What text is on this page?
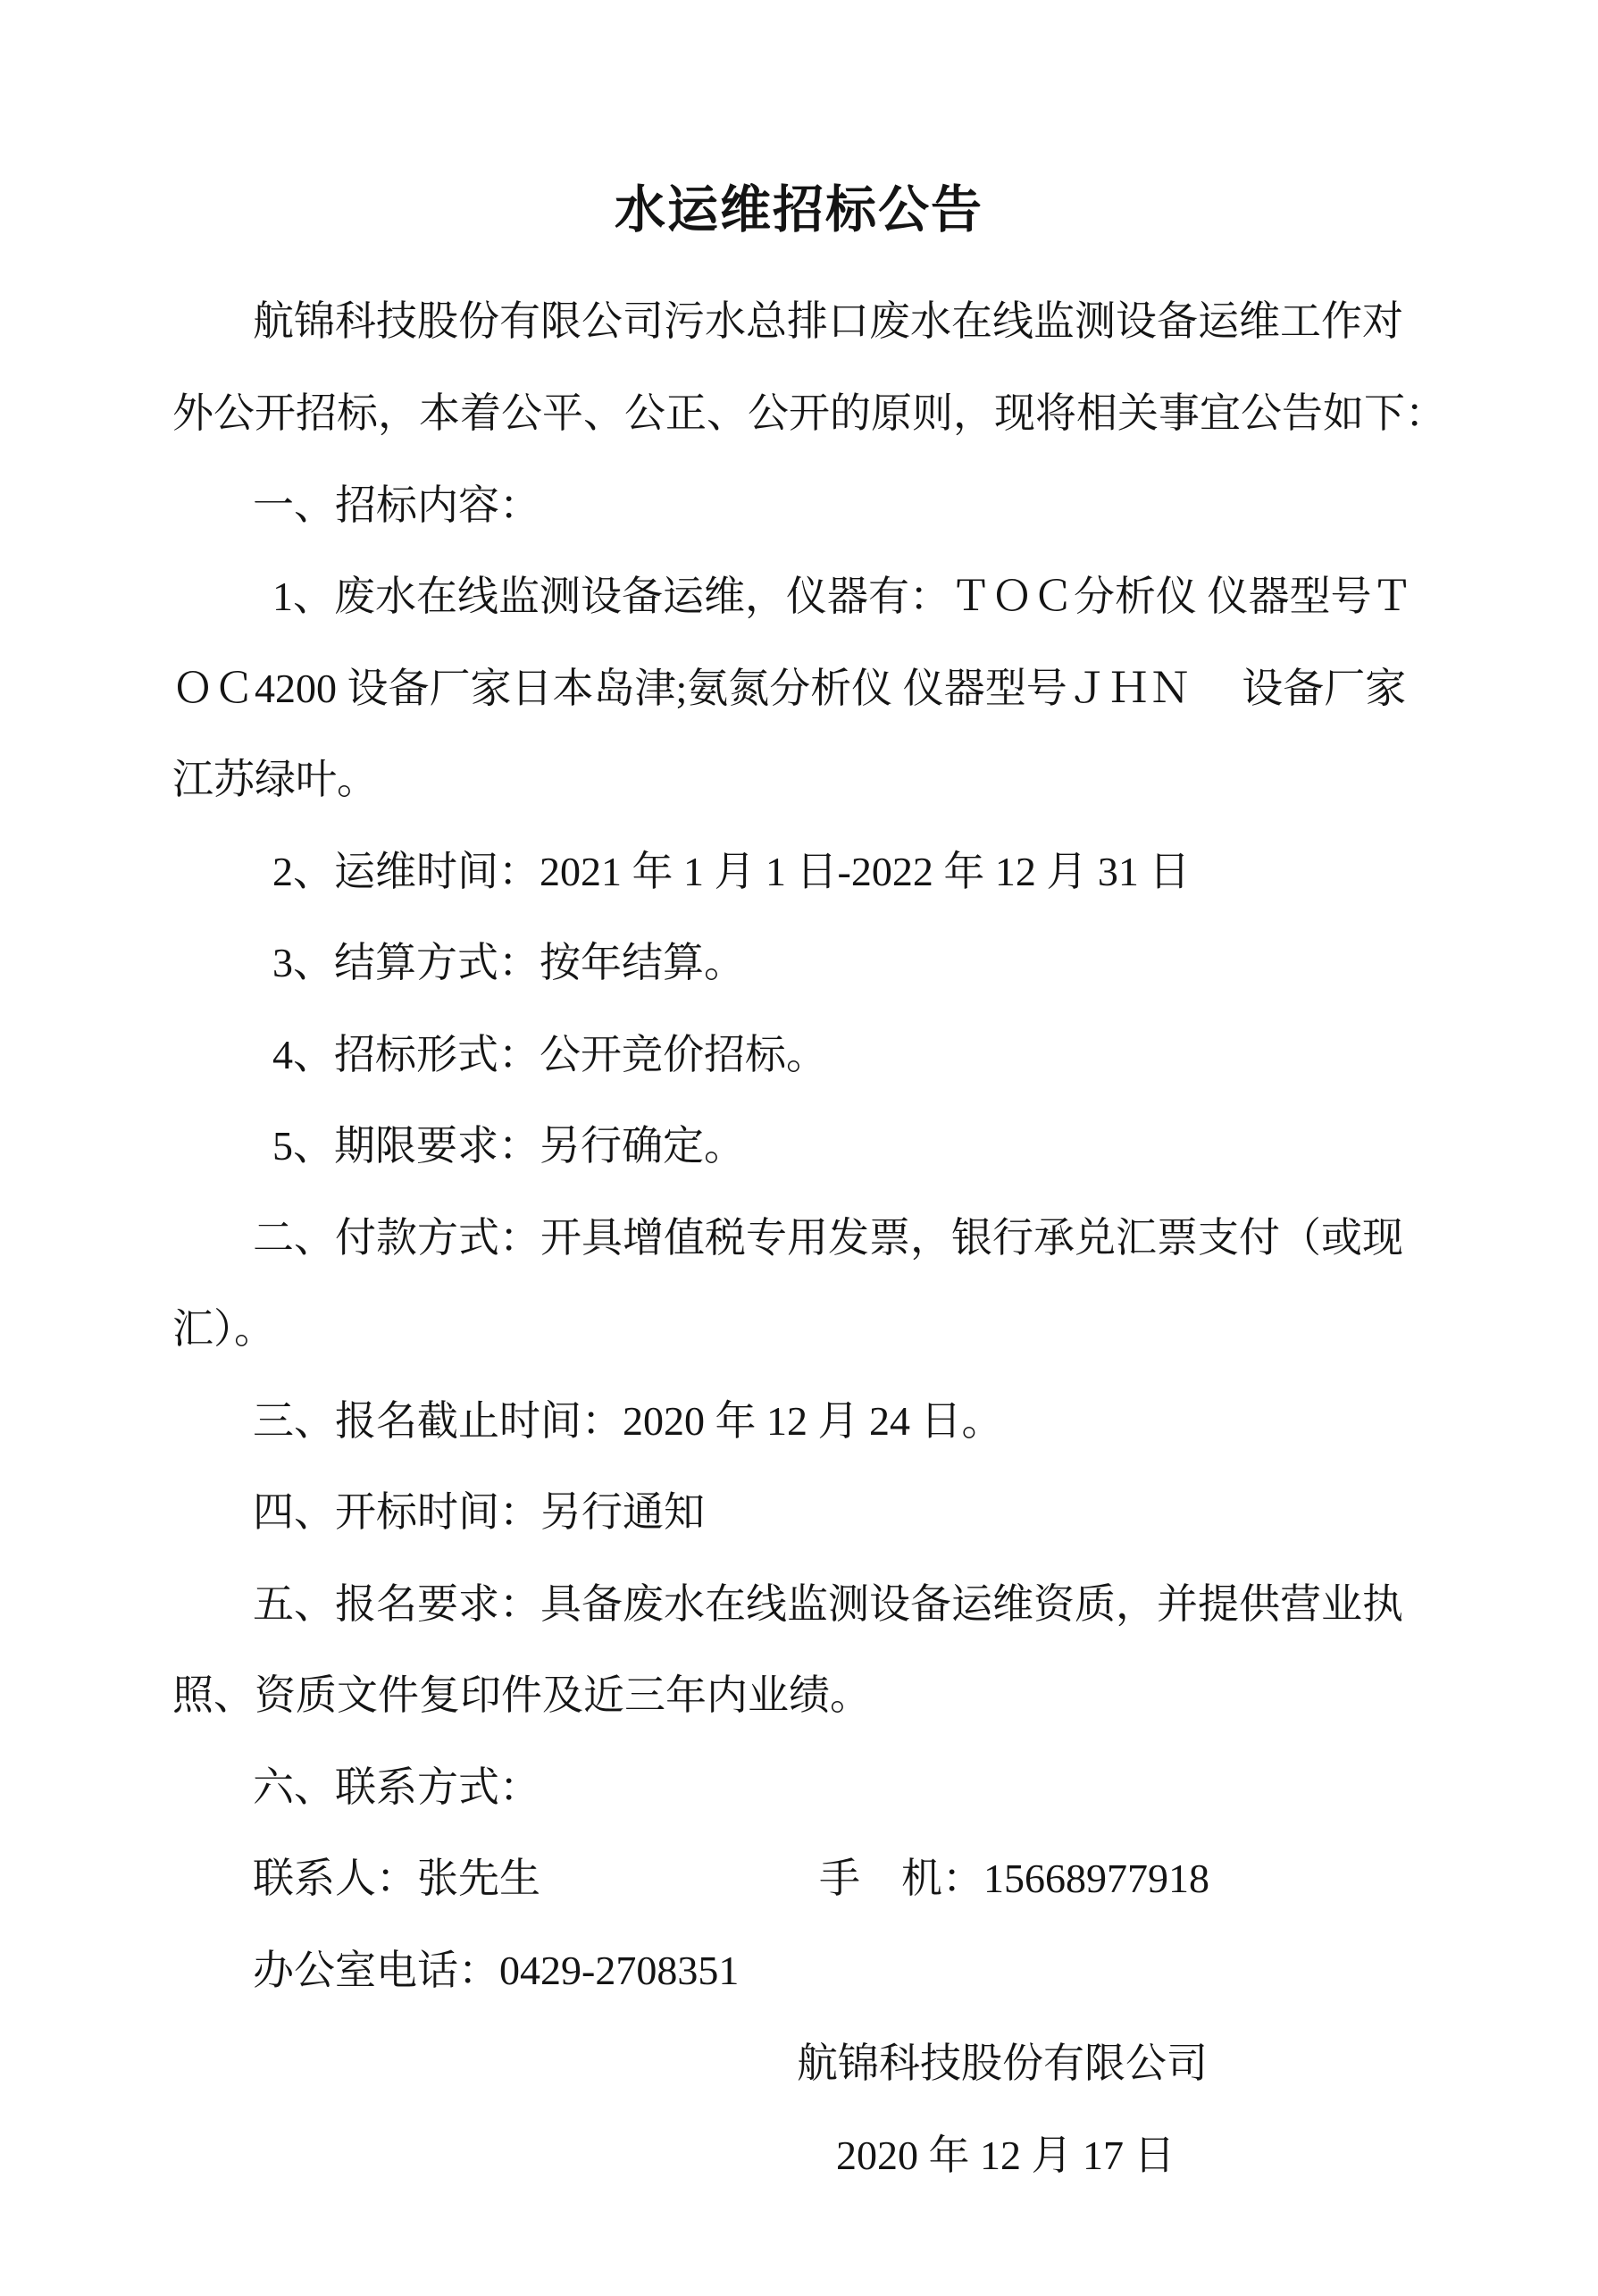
水运维招标公告
航锦科技股份有限公司污水总排口废水在线监测设备运维工作对
外公开招标，本着公平、公正、公开的原则，现将相关事宜公告如下：
一、招标内容：
1、废水在线监测设备运维，仪器有：ＴＯＣ分析仪 仪器型号Ｔ
ＯＣ4200 设备厂家日本岛津;氨氮分析仪 仪器型号ＪＨＮ　 设备厂家
江苏绿叶。
2、运维时间：2021 年 1 月 1 日-2022 年 12 月 31 日
3、结算方式：按年结算。
4、招标形式：公开竞价招标。
5、期限要求：另行确定。
二、付款方式：开具增值税专用发票，银行承兑汇票支付（或现
汇）。
三、报名截止时间：2020 年 12 月 24 日。
四、开标时间：另行通知
五、报名要求：具备废水在线监测设备运维资质，并提供营业执
照、资质文件复印件及近三年内业绩。
六、联系方式：

联系人：张先生

	手　机：15668977918

办公室电话：0429-2708351
航锦科技股份有限公司
2020 年 12 月 17 日
